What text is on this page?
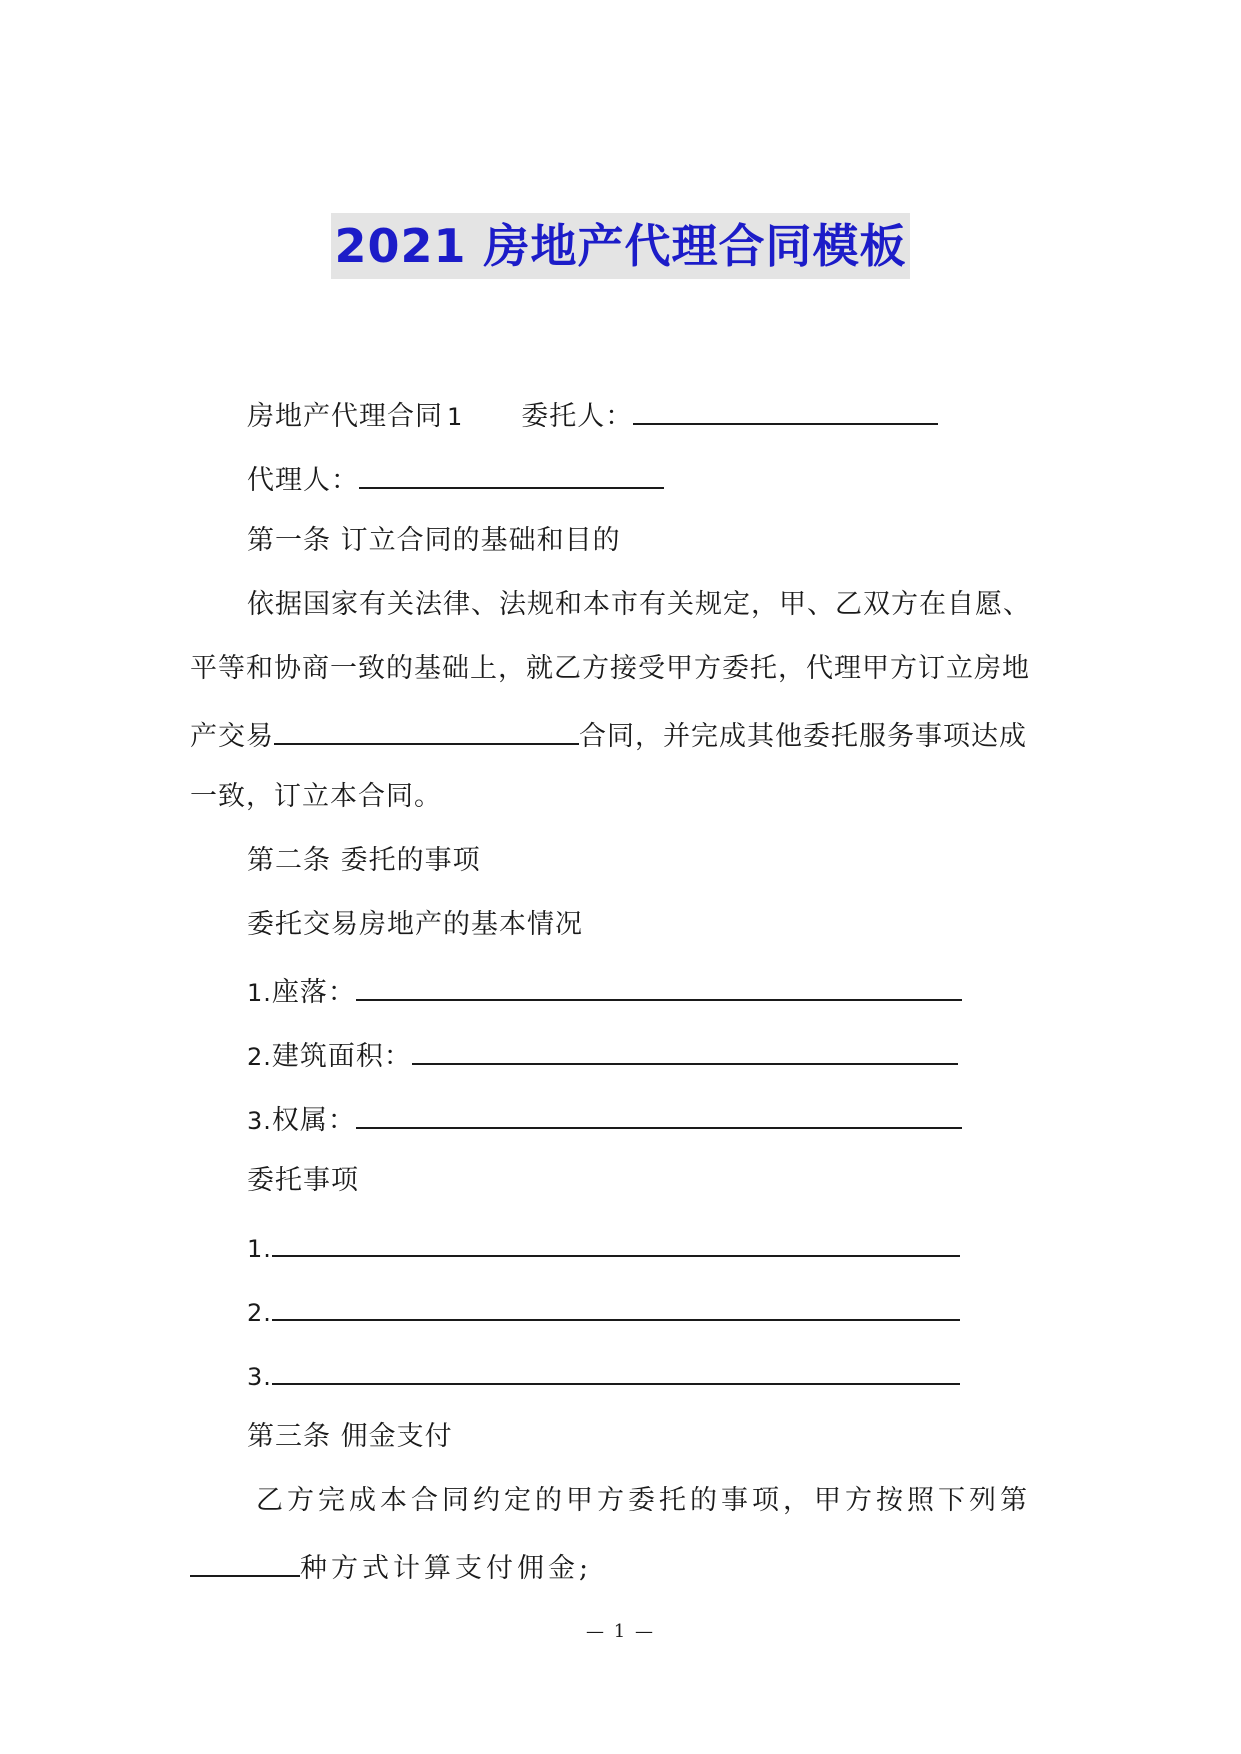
2021 房地产代理合同模板
房地产代理合同 1 委托人：
代理人：
第一条 订立合同的基础和目的
依据国家有关法律、法规和本市有关规定，甲、乙双方在自愿、
平等和协商一致的基础上，就乙方接受甲方委托，代理甲方订立房地
产交易	合同，并完成其他委托服务事项达成
一致，订立本合同。
第二条 委托的事项
委托交易房地产的基本情况
1.座落：
2.建筑面积：
3.权属：
委托事项
1.
2.
3.
第三条 佣金支付
乙方完成本合同约定的甲方委托的事项，甲方按照下列第
种方式计算支付佣金;
— 1 —
